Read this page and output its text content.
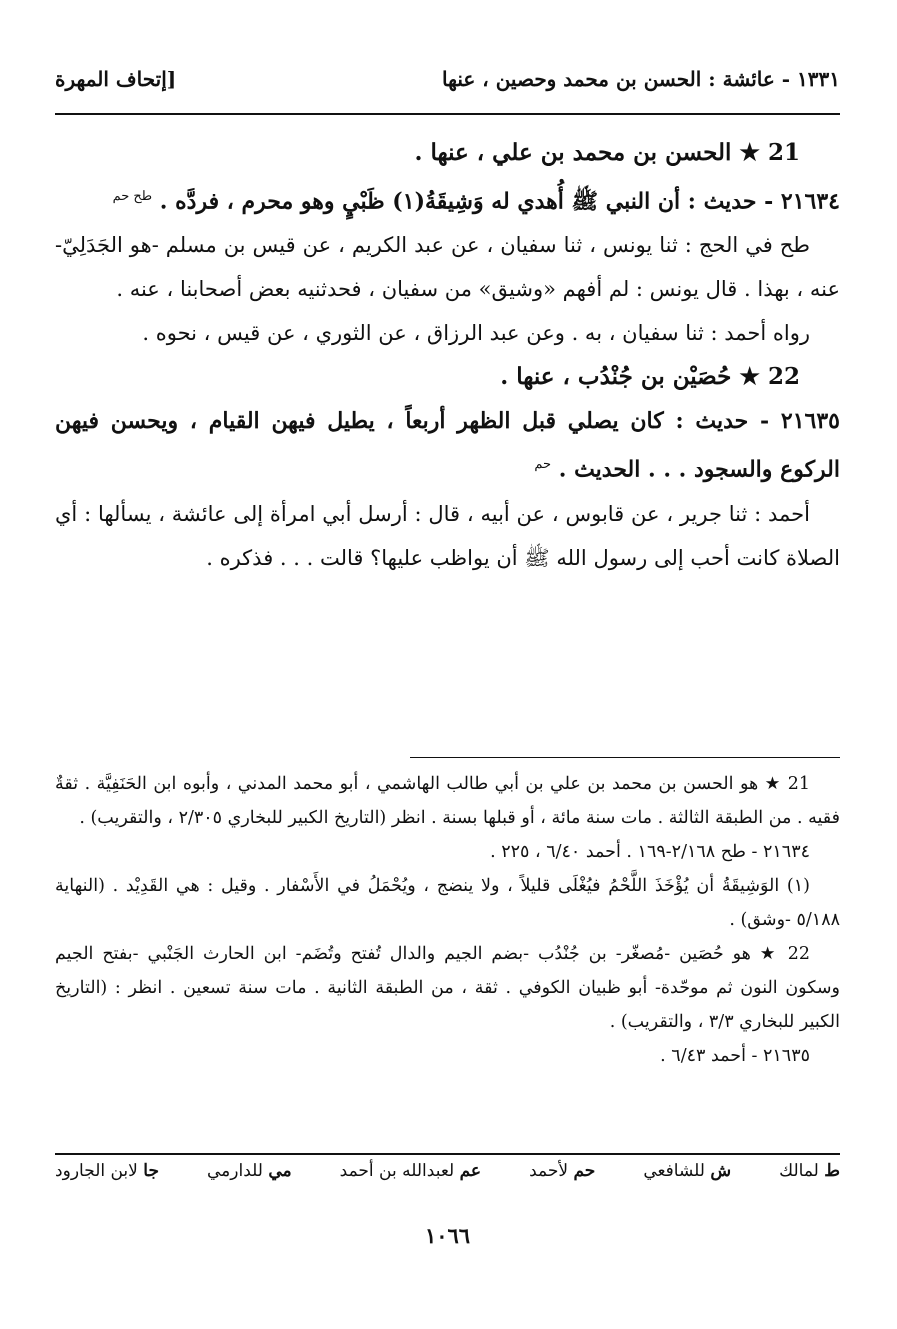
١٣٣١ - عائشة : الحسن بن محمد وحصين ، عنها
[إتحاف المهرة

21 ★ الحسن بن محمد بن علي ، عنها .

٢١٦٣٤ - حديث : أن النبي ﷺ أُهدي له وَشِيقَةُ(١) ظَبْيٍ وهو محرم ، فردَّه . $^{طح حم}$

طح في الحج : ثنا يونس ، ثنا سفيان ، عن عبد الكريم ، عن قيس بن مسلم -هو الجَدَلِيّ- عنه ، بهذا . قال يونس : لم أفهم «وشيق» من سفيان ، فحدثنيه بعض أصحابنا ، عنه .

رواه أحمد : ثنا سفيان ، به . وعن عبد الرزاق ، عن الثوري ، عن قيس ، نحوه .

22 ★ حُصَيْن بن جُنْدُب ، عنها .

٢١٦٣٥ - حديث : كان يصلي قبل الظهر أربعاً ، يطيل فيهن القيام ، ويحسن فيهن الركوع والسجود . . . الحديث . $^{حم}$

أحمد : ثنا جرير ، عن قابوس ، عن أبيه ، قال : أرسل أبي امرأة إلى عائشة ، يسألها : أي الصلاة كانت أحب إلى رسول الله ﷺ أن يواظب عليها؟ قالت . . . فذكره .

21 ★ هو الحسن بن محمد بن علي بن أبي طالب الهاشمي ، أبو محمد المدني ، وأبوه ابن الحَنَفِيَّة . ثقةٌ فقيه . من الطبقة الثالثة . مات سنة مائة ، أو قبلها بسنة . انظر (التاريخ الكبير للبخاري ٢/٣٠٥ ، والتقريب) .

٢١٦٣٤ - طح ٢/١٦٨-١٦٩ . أحمد ٦/٤٠ ، ٢٢٥ .

(١) الوَشِيقَةُ أن يُؤْخَذَ اللَّحْمُ فيُغْلَى قليلاً ، ولا ينضج ، ويُحْمَلُ في الأَسْفار . وقيل : هي القَدِيْد . (النهاية ٥/١٨٨ -وشق) .

22 ★ هو حُصَين -مُصغّر- بن جُنْدُب -بضم الجيم والدال تُفتح وتُضَم- ابن الحارث الجَنْبي -بفتح الجيم وسكون النون ثم موحّدة- أبو ظبيان الكوفي . ثقة ، من الطبقة الثانية . مات سنة تسعين . انظر : (التاريخ الكبير للبخاري ٣/٣ ، والتقريب) .

٢١٦٣٥ - أحمد ٦/٤٣ .

ط لمالك
ش للشافعي
حم لأحمد
عم لعبدالله بن أحمد
مي للدارمي
جا لابن الجارود
١٠٦٦
